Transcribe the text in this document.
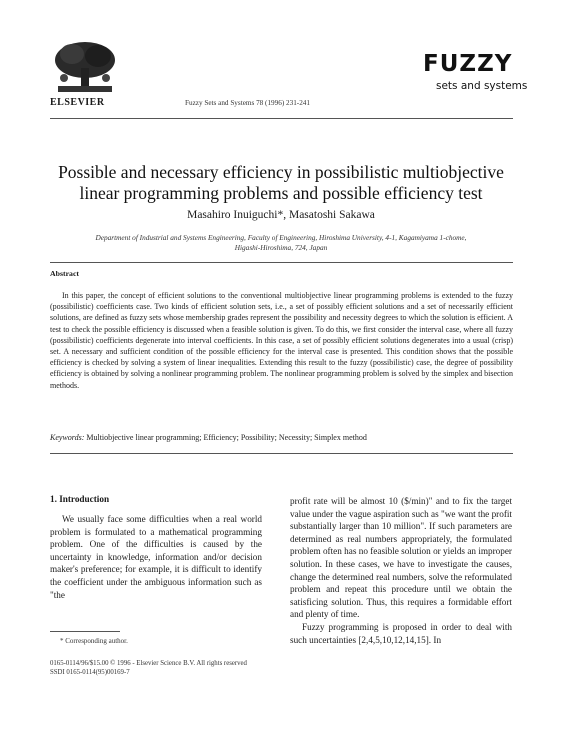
ELSEVIER	Fuzzy Sets and Systems 78 (1996) 231-241
FUZZY
sets and systems
Possible and necessary efficiency in possibilistic multiobjective
linear programming problems and possible efficiency test
Masahiro Inuiguchi*, Masatoshi Sakawa
Department of Industrial and Systems Engineering, Faculty of Engineering, Hiroshima University, 4-1, Kagamiyama 1-chome,
Higashi-Hiroshima, 724, Japan
Abstract
In this paper, the concept of efficient solutions to the conventional multiobjective linear programming problems is extended to the fuzzy (possibilistic) coefficients case. Two kinds of efficient solution sets, i.e., a set of possibly efficient solutions and a set of necessarily efficient solutions, are defined as fuzzy sets whose membership grades represent the possibility and necessity degrees to which the solution is efficient. A test to check the possible efficiency is discussed when a feasible solution is given. To do this, we first consider the interval case, where all fuzzy (possibilistic) coefficients degenerate into interval coefficients. In this case, a set of possibly efficient solutions degenerates into a usual (crisp) set. A necessary and sufficient condition of the possible efficiency for the interval case is presented. This condition shows that the possible efficiency is checked by solving a system of linear inequalities. Extending this result to the fuzzy (possibilistic) case, the degree of possibility efficiency is obtained by solving a nonlinear programming problem. The nonlinear programming problem is solved by the simplex and bisection methods.
Keywords: Multiobjective linear programming; Efficiency; Possibility; Necessity; Simplex method
1. Introduction

We usually face some difficulties when a real world problem is formulated to a mathematical programming problem. One of the difficulties is caused by the uncertainty in knowledge, information and/or decision maker's preference; for example, it is difficult to identify the coefficient under the ambiguous information such as "the

profit rate will be almost 10 ($/min)" and to fix the target value under the vague aspiration such as "we want the profit substantially larger than 10 million". If such parameters are determined as real numbers appropriately, the formulated problem often has no feasible solution or yields an improper solution. In these cases, we have to investigate the causes, change the determined real numbers, solve the reformulated problem and repeat this procedure until we obtain the satisficing solution. Thus, this requires a formidable effort and plenty of time.

Fuzzy programming is proposed in order to deal with such uncertainties [2,4,5,10,12,14,15]. In

* Corresponding author.
0165-0114/96/$15.00 © 1996 - Elsevier Science B.V. All rights reserved
SSDI 0165-0114(95)00169-7
